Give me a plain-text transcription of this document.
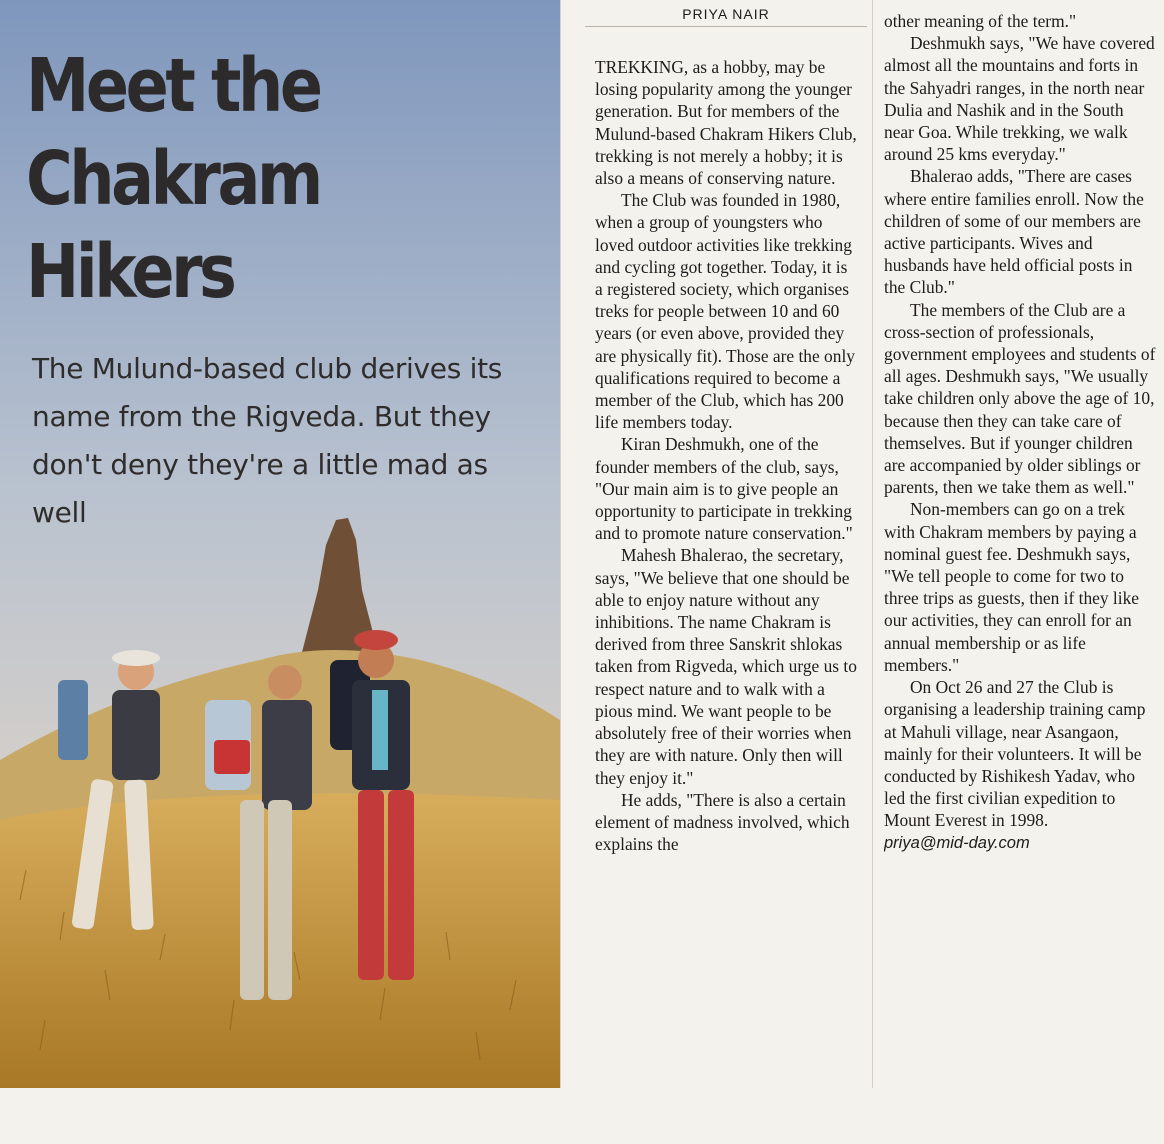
Meet the Chakram Hikers

The Mulund-based club derives its name from the Rigveda. But they don't deny they're a little mad as well

PRIYA NAIR

TREKKING, as a hobby, may be losing popularity among the younger generation. But for members of the Mulund-based Chakram Hikers Club, trekking is not merely a hobby; it is also a means of conserving nature.

The Club was founded in 1980, when a group of youngsters who loved outdoor activities like trekking and cycling got together. Today, it is a registered society, which organises treks for people between 10 and 60 years (or even above, provided they are physically fit). Those are the only qualifications required to become a member of the Club, which has 200 life members today.

Kiran Deshmukh, one of the founder members of the club, says, "Our main aim is to give people an opportunity to participate in trekking and to promote nature conservation."

Mahesh Bhalerao, the secretary, says, "We believe that one should be able to enjoy nature without any inhibitions. The name Chakram is derived from three Sanskrit shlokas taken from Rigveda, which urge us to respect nature and to walk with a pious mind. We want people to be absolutely free of their worries when they are with nature. Only then will they enjoy it."

He adds, "There is also a certain element of madness involved, which explains the

other meaning of the term."

Deshmukh says, "We have covered almost all the mountains and forts in the Sahyadri ranges, in the north near Dulia and Nashik and in the South near Goa. While trekking, we walk around 25 kms everyday."

Bhalerao adds, "There are cases where entire families enroll. Now the children of some of our members are active participants. Wives and husbands have held official posts in the Club."

The members of the Club are a cross-section of professionals, government employees and students of all ages. Deshmukh says, "We usually take children only above the age of 10, because then they can take care of themselves. But if younger children are accompanied by older siblings or parents, then we take them as well."

Non-members can go on a trek with Chakram members by paying a nominal guest fee. Deshmukh says, "We tell people to come for two to three trips as guests, then if they like our activities, they can enroll for an annual membership or as life members."

On Oct 26 and 27 the Club is organising a leadership training camp at Mahuli village, near Asangaon, mainly for their volunteers. It will be conducted by Rishikesh Yadav, who led the first civilian expedition to Mount Everest in 1998.

priya@mid-day.com
